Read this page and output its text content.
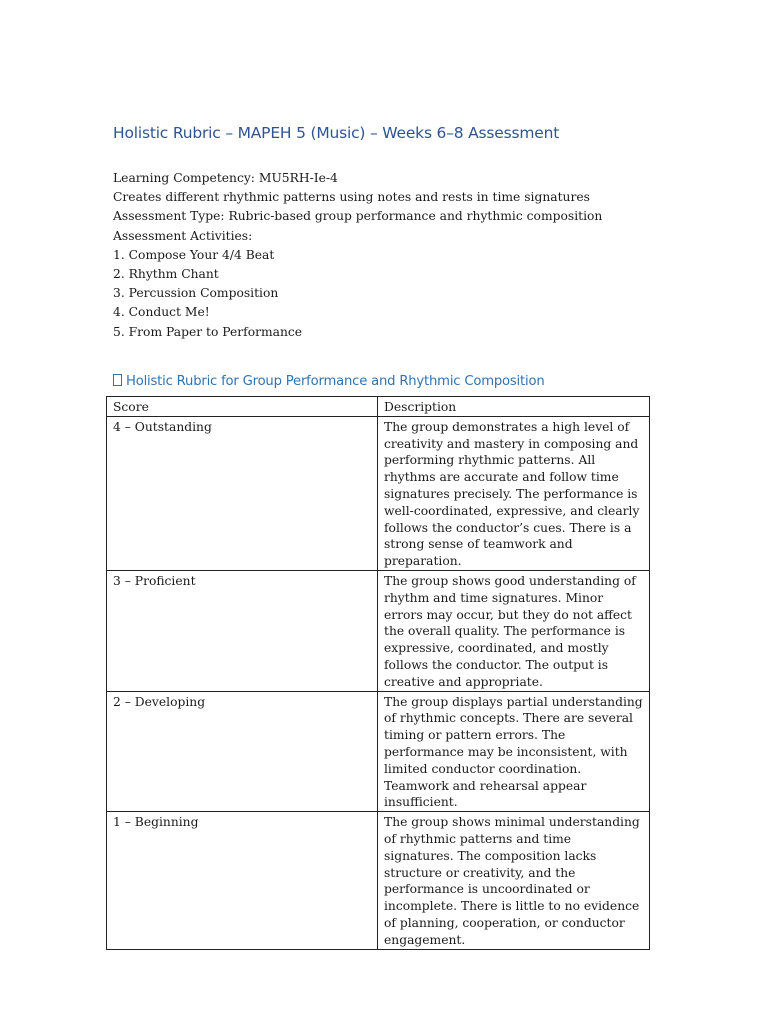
Holistic Rubric – MAPEH 5 (Music) – Weeks 6–8 Assessment
Learning Competency: MU5RH-Ie-4
Creates different rhythmic patterns using notes and rests in time signatures
Assessment Type: Rubric-based group performance and rhythmic composition
Assessment Activities:
1. Compose Your 4/4 Beat
2. Rhythm Chant
3. Percussion Composition
4. Conduct Me!
5. From Paper to Performance
Holistic Rubric for Group Performance and Rhythmic Composition
Score	Description
4 – Outstanding	The group demonstrates a high level of creativity and mastery in composing and performing rhythmic patterns. All rhythms are accurate and follow time signatures precisely. The performance is well-coordinated, expressive, and clearly follows the conductor’s cues. There is a strong sense of teamwork and preparation.
3 – Proficient	The group shows good understanding of rhythm and time signatures. Minor errors may occur, but they do not affect the overall quality. The performance is expressive, coordinated, and mostly follows the conductor. The output is creative and appropriate.
2 – Developing	The group displays partial understanding of rhythmic concepts. There are several timing or pattern errors. The performance may be inconsistent, with limited conductor coordination. Teamwork and rehearsal appear insufficient.
1 – Beginning	The group shows minimal understanding of rhythmic patterns and time signatures. The composition lacks structure or creativity, and the performance is uncoordinated or incomplete. There is little to no evidence of planning, cooperation, or conductor engagement.
